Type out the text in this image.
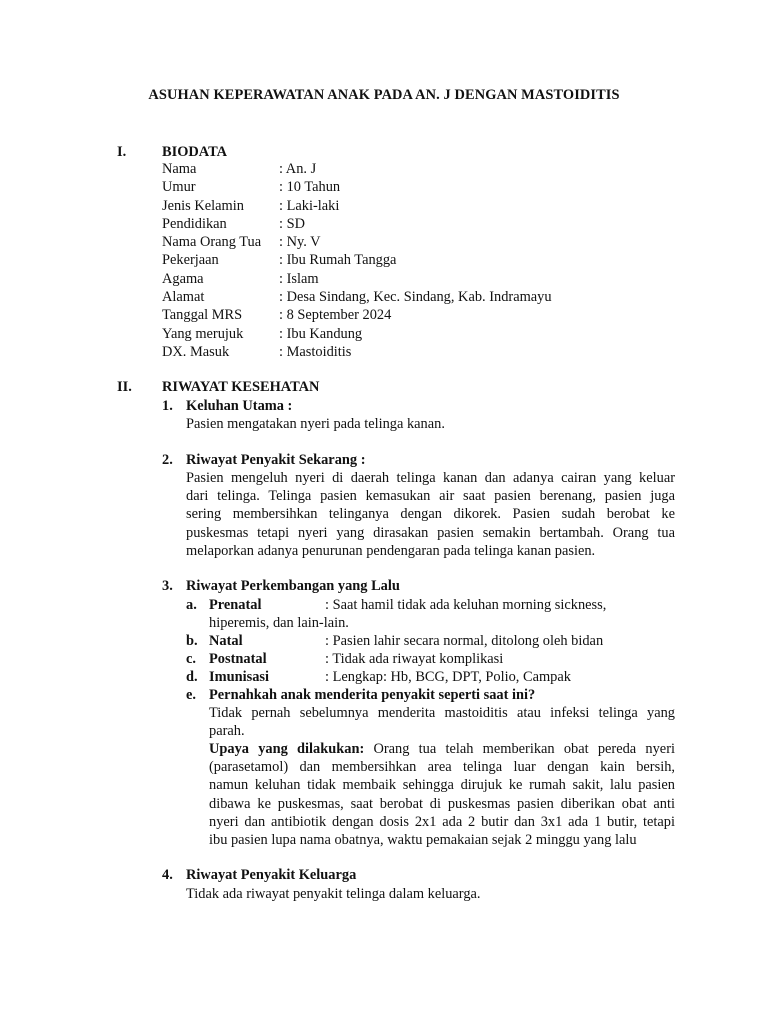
ASUHAN KEPERAWATAN ANAK PADA AN. J DENGAN MASTOIDITIS
I. BIODATA
Nama	: An. J
Umur	: 10 Tahun
Jenis Kelamin	: Laki-laki
Pendidikan	: SD
Nama Orang Tua	: Ny. V
Pekerjaan	: Ibu Rumah Tangga
Agama	: Islam
Alamat	: Desa Sindang, Kec. Sindang, Kab. Indramayu
Tanggal MRS	: 8 September 2024
Yang merujuk	: Ibu Kandung
DX. Masuk	: Mastoiditis
II. RIWAYAT KESEHATAN
1. Keluhan Utama :
Pasien mengatakan nyeri pada telinga kanan.
2. Riwayat Penyakit Sekarang :
Pasien mengeluh nyeri di daerah telinga kanan dan adanya cairan yang keluar
dari telinga. Telinga pasien kemasukan air saat pasien berenang, pasien juga
sering membersihkan telinganya dengan dikorek. Pasien sudah berobat ke
puskesmas tetapi nyeri yang dirasakan pasien semakin bertambah. Orang tua
melaporkan adanya penurunan pendengaran pada telinga kanan pasien.
3. Riwayat Perkembangan yang Lalu
a. Prenatal	: Saat hamil tidak ada keluhan morning sickness,
hiperemis, dan lain-lain.
b. Natal	: Pasien lahir secara normal, ditolong oleh bidan
c. Postnatal	: Tidak ada riwayat komplikasi
d. Imunisasi	: Lengkap: Hb, BCG, DPT, Polio, Campak
e. Pernahkah anak menderita penyakit seperti saat ini?
Tidak pernah sebelumnya menderita mastoiditis atau infeksi telinga yang
parah.
Upaya yang dilakukan: Orang tua telah memberikan obat pereda nyeri
(parasetamol) dan membersihkan area telinga luar dengan kain bersih,
namun keluhan tidak membaik sehingga dirujuk ke rumah sakit, lalu pasien
dibawa ke puskesmas, saat berobat di puskesmas pasien diberikan obat anti
nyeri dan antibiotik dengan dosis 2x1 ada 2 butir dan 3x1 ada 1 butir, tetapi
ibu pasien lupa nama obatnya, waktu pemakaian sejak 2 minggu yang lalu
4. Riwayat Penyakit Keluarga
Tidak ada riwayat penyakit telinga dalam keluarga.
